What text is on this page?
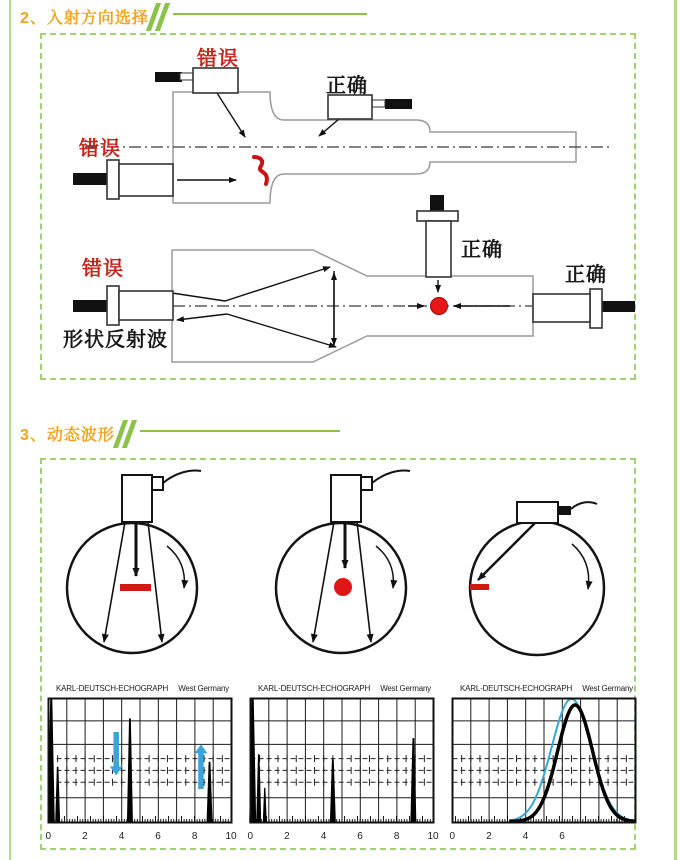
2、入射方向选择
错误
错误
正确
错误
形状反射波
正确
正确
3、动态波形
KARL-DEUTSCH-ECHOGRAPH West Germany
0	2	4	6	8	10
KARL-DEUTSCH-ECHOGRAPH West Germany
0	2	4	6	8	10
KARL-DEUTSCH-ECHOGRAPH West Germany
0	2	4	6
